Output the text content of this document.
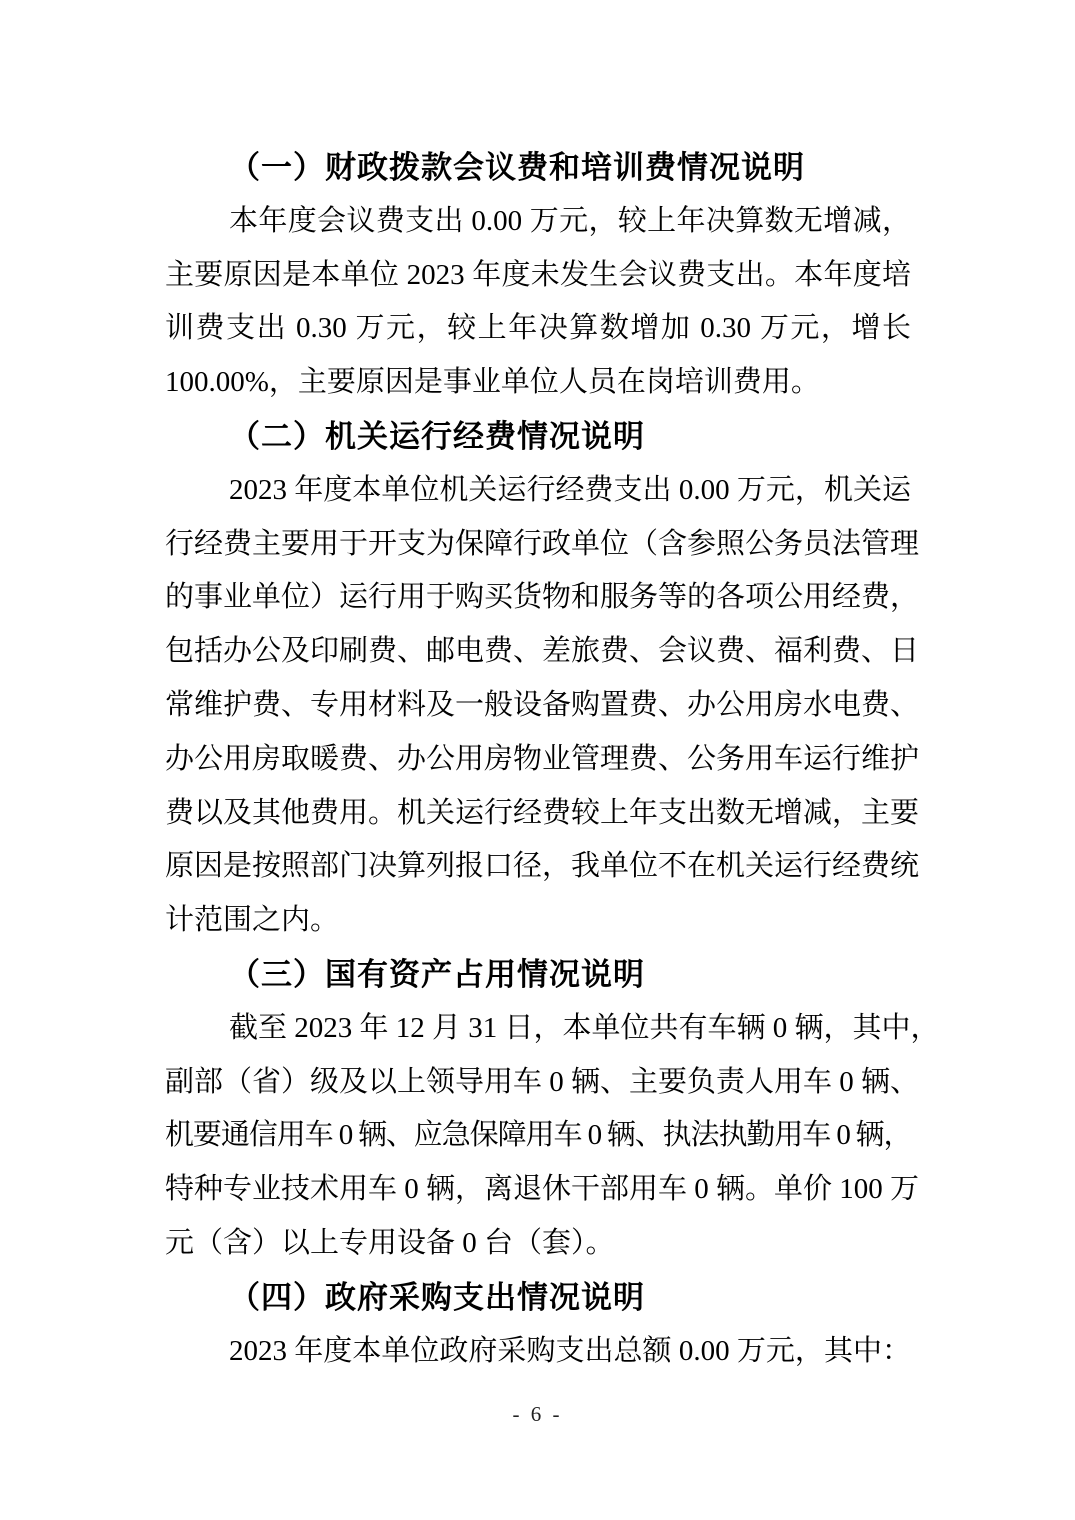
（一）财政拨款会议费和培训费情况说明
本年度会议费支出 0.00 万元，较上年决算数无增减，
主要原因是本单位 2023 年度未发生会议费支出。本年度培
训费支出 0.30 万元，较上年决算数增加 0.30 万元，增长
100.00%，主要原因是事业单位人员在岗培训费用。
（二）机关运行经费情况说明
2023 年度本单位机关运行经费支出 0.00 万元，机关运
行经费主要用于开支为保障行政单位（含参照公务员法管理
的事业单位）运行用于购买货物和服务等的各项公用经费，
包括办公及印刷费、邮电费、差旅费、会议费、福利费、日
常维护费、专用材料及一般设备购置费、办公用房水电费、
办公用房取暖费、办公用房物业管理费、公务用车运行维护
费以及其他费用。机关运行经费较上年支出数无增减，主要
原因是按照部门决算列报口径，我单位不在机关运行经费统
计范围之内。
（三）国有资产占用情况说明
截至 2023 年 12 月 31 日，本单位共有车辆 0 辆，其中，
副部（省）级及以上领导用车 0 辆、主要负责人用车 0 辆、
机要通信用车 0 辆、应急保障用车 0 辆、执法执勤用车 0 辆，
特种专业技术用车 0 辆，离退休干部用车 0 辆。单价 100 万
元（含）以上专用设备 0 台（套）。
（四）政府采购支出情况说明
2023 年度本单位政府采购支出总额 0.00 万元，其中：
- 6 -
